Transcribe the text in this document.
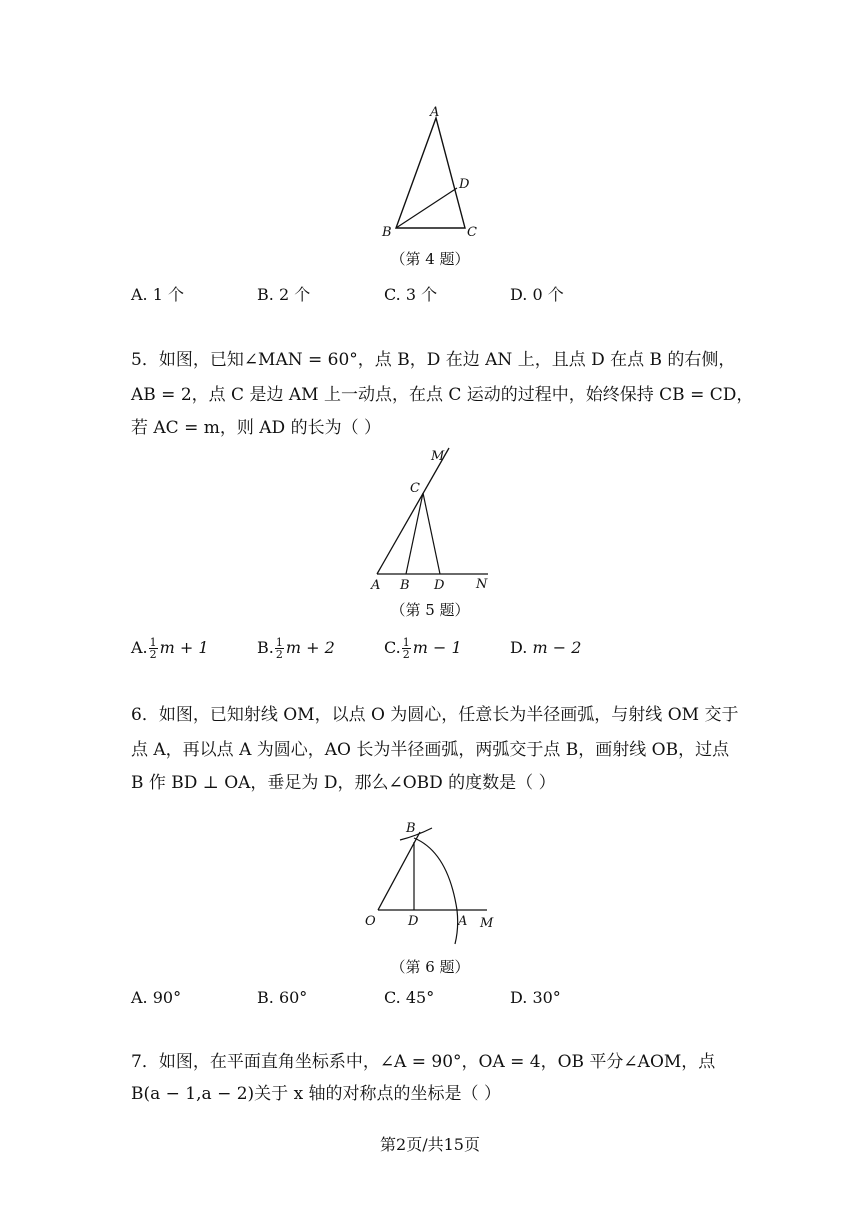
A
D
B	C
（第 4 题）
A. 1 个	B. 2 个	C. 3 个	D. 0 个
5．如图，已知∠MAN = 60°，点 B，D 在边 AN 上，且点 D 在点 B 的右侧，
AB = 2，点 C 是边 AM 上一动点，在点 C 运动的过程中，始终保持 CB = CD，
若 AC = m，则 AD 的长为（ ）
M
C
A B D N
（第 5 题）
A. $\frac{1}{2}$ m + 1	B. $\frac{1}{2}$ m + 2	C. $\frac{1}{2}$ m − 1	D. m − 2
6．如图，已知射线 OM，以点 O 为圆心，任意长为半径画弧，与射线 OM 交于
点 A，再以点 A 为圆心，AO 长为半径画弧，两弧交于点 B，画射线 OB，过点
B 作 BD ⊥ OA，垂足为 D，那么∠OBD 的度数是（ ）
B
O D	A M
（第 6 题）
A. 90°	B. 60°	C. 45°	D. 30°
7．如图，在平面直角坐标系中，∠A = 90°，OA = 4，OB 平分∠AOM，点
B(a − 1,a − 2)关于 x 轴的对称点的坐标是（ ）
第2页/共15页
